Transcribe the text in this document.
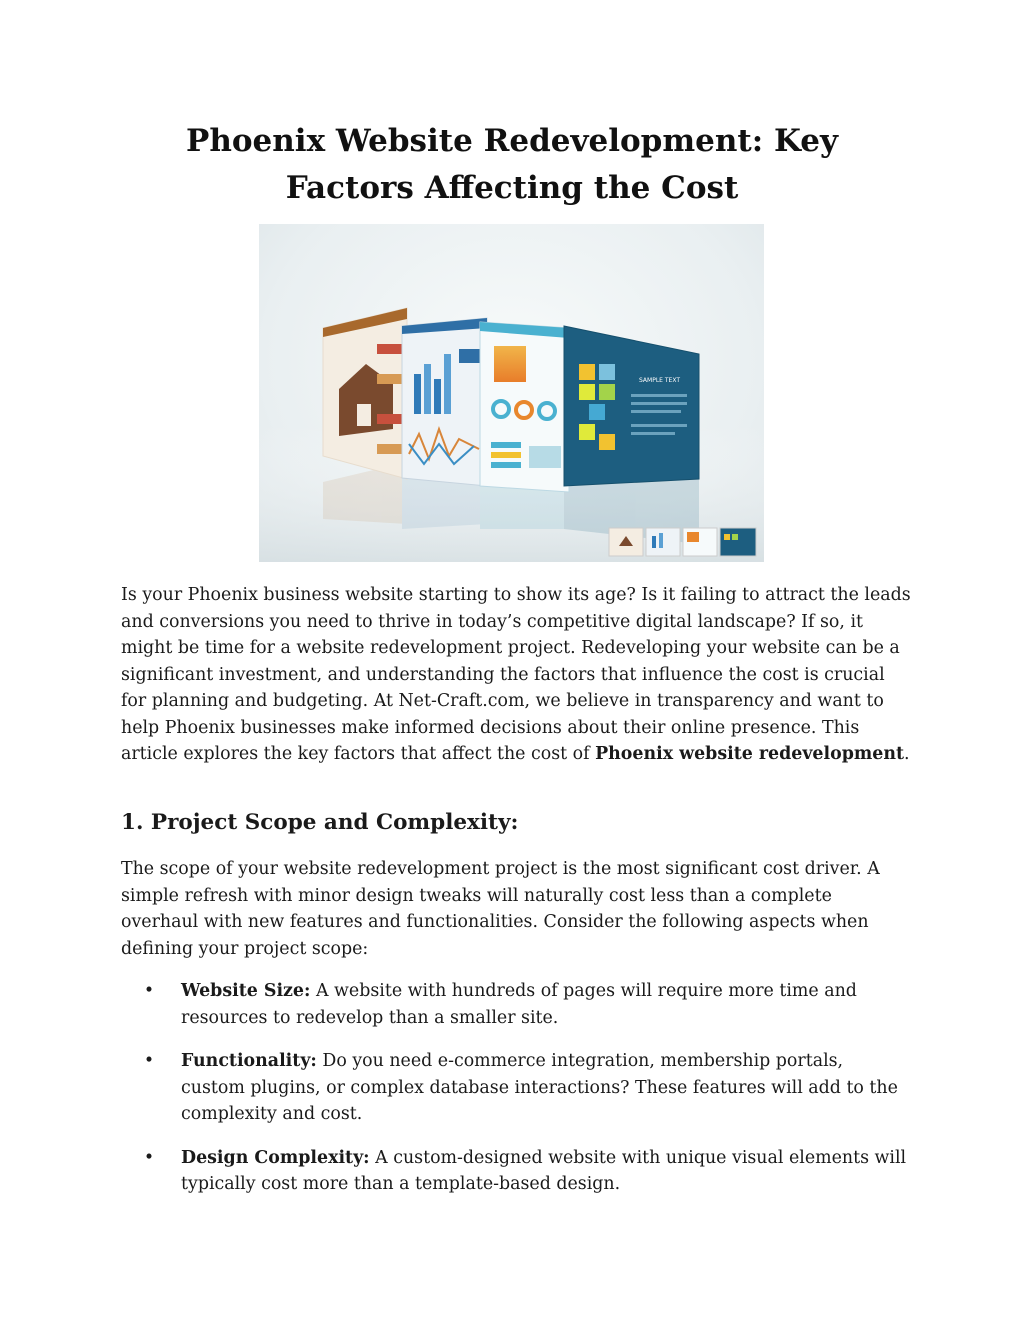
Phoenix Website Redevelopment: Key
Factors Affecting the Cost
SAMPLE TEXT

Is your Phoenix business website starting to show its age? Is it failing to attract the leads and conversions you need to thrive in today’s competitive digital landscape? If so, it might be time for a website redevelopment project. Redeveloping your website can be a significant investment, and understanding the factors that influence the cost is crucial for planning and budgeting. At Net-Craft.com, we believe in transparency and want to help Phoenix businesses make informed decisions about their online presence. This article explores the key factors that affect the cost of Phoenix website redevelopment.

1. Project Scope and Complexity:

The scope of your website redevelopment project is the most significant cost driver. A simple refresh with minor design tweaks will naturally cost less than a complete overhaul with new features and functionalities. Consider the following aspects when defining your project scope:

• Website Size: A website with hundreds of pages will require more time and resources to redevelop than a smaller site.
• Functionality: Do you need e-commerce integration, membership portals, custom plugins, or complex database interactions? These features will add to the complexity and cost.
• Design Complexity: A custom-designed website with unique visual elements will typically cost more than a template-based design.
